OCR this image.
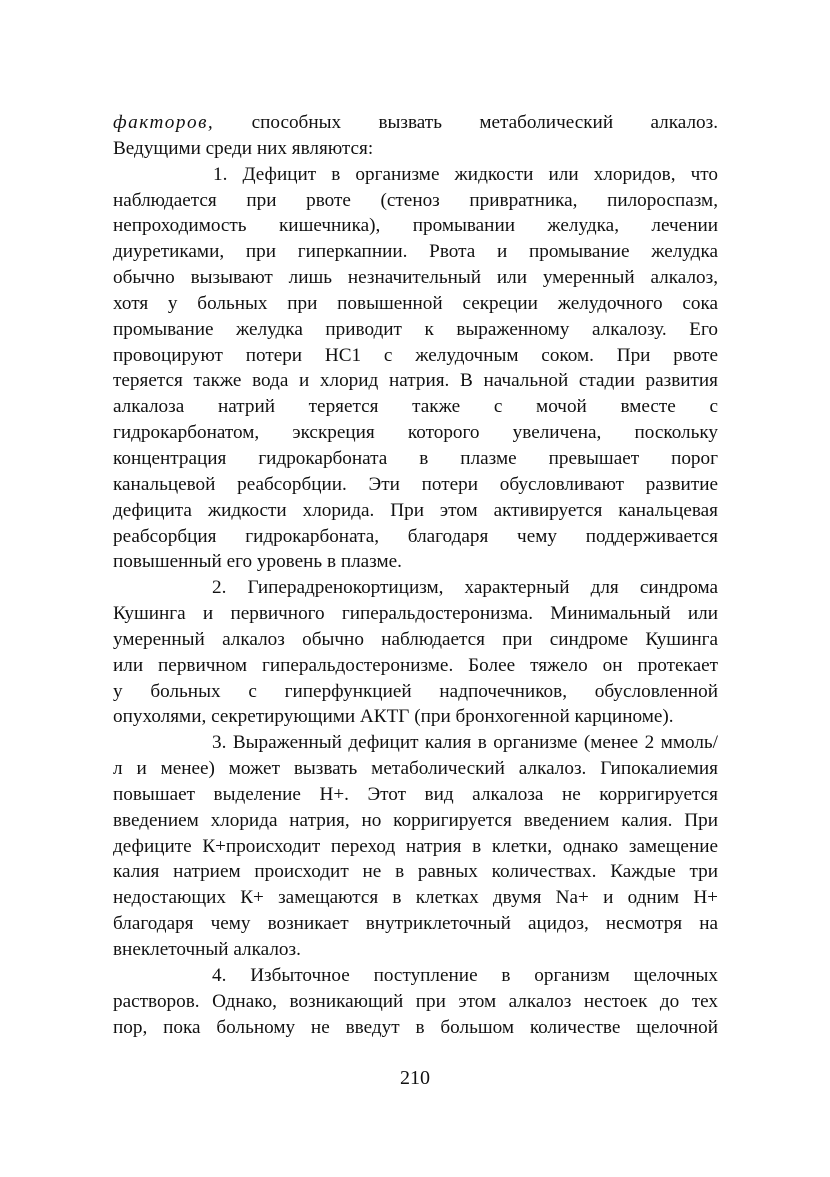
факторов, способных вызвать метаболический алкалоз.
Ведущими среди них являются:
1. Дефицит в организме жидкости или хлоридов, что
наблюдается при рвоте (стеноз привратника, пилороспазм,
непроходимость кишечника), промывании желудка, лечении
диуретиками, при гиперкапнии. Рвота и промывание желудка
обычно вызывают лишь незначительный или умеренный алкалоз,
хотя у больных при повышенной секреции желудочного сока
промывание желудка приводит к выраженному алкалозу. Его
провоцируют потери НС1 с желудочным соком. При рвоте
теряется также вода и хлорид натрия. В начальной стадии развития
алкалоза натрий теряется также с мочой вместе с
гидрокарбонатом, экскреция которого увеличена, поскольку
концентрация гидрокарбоната в плазме превышает порог
канальцевой реабсорбции. Эти потери обусловливают развитие
дефицита жидкости хлорида. При этом активируется канальцевая
реабсорбция гидрокарбоната, благодаря чему поддерживается
повышенный его уровень в плазме.
2. Гиперадренокортицизм, характерный для синдрома
Кушинга и первичного гиперальдостеронизма. Минимальный или
умеренный алкалоз обычно наблюдается при синдроме Кушинга
или первичном гиперальдостеронизме. Более тяжело он протекает
у больных с гиперфункцией надпочечников, обусловленной
опухолями, секретирующими АКТГ (при бронхогенной карциноме).
3. Выраженный дефицит калия в организме (менее 2 ммоль/
л и менее) может вызвать метаболический алкалоз. Гипокалиемия
повышает выделение Н+. Этот вид алкалоза не корригируется
введением хлорида натрия, но корригируется введением калия. При
дефиците К+происходит переход натрия в клетки, однако замещение
калия натрием происходит не в равных количествах. Каждые три
недостающих К+ замещаются в клетках двумя Na+ и одним Н+
благодаря чему возникает внутриклеточный ацидоз, несмотря на
внеклеточный алкалоз.
4. Избыточное поступление в организм щелочных
растворов. Однако, возникающий при этом алкалоз нестоек до тех
пор, пока больному не введут в большом количестве щелочной
210
